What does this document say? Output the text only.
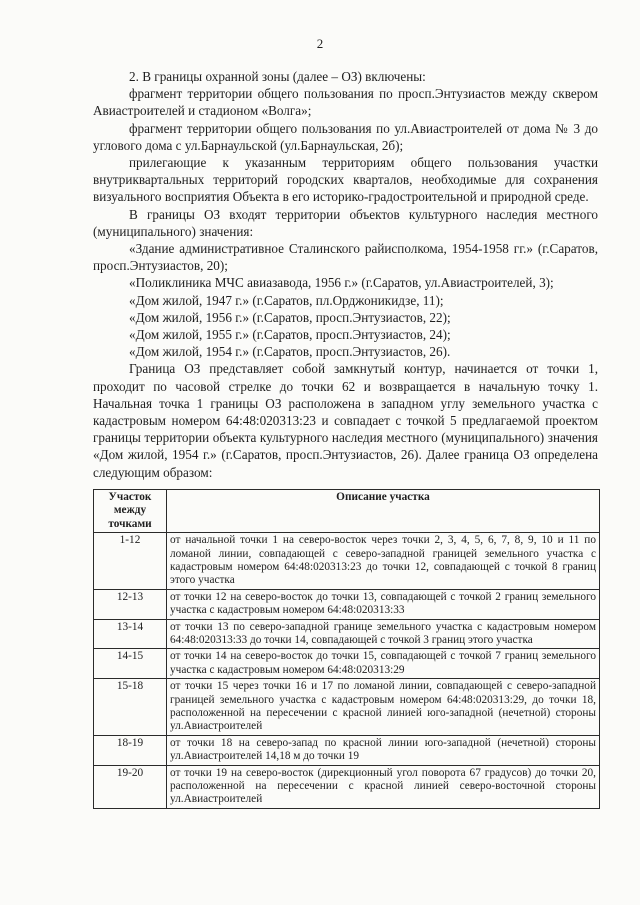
2

2. В границы охранной зоны (далее – ОЗ) включены:

фрагмент территории общего пользования по просп.Энтузиастов между сквером Авиастроителей и стадионом «Волга»;

фрагмент территории общего пользования по ул.Авиастроителей от дома № 3 до углового дома с ул.Барнаульской (ул.Барнаульская, 2б);

прилегающие к указанным территориям общего пользования участки внутриквартальных территорий городских кварталов, необходимые для сохранения визуального восприятия Объекта в его историко-градостроительной и природной среде.

В границы ОЗ входят территории объектов культурного наследия местного (муниципального) значения:

«Здание административное Сталинского райисполкома, 1954-1958 гг.» (г.Саратов, просп.Энтузиастов, 20);

«Поликлиника МЧС авиазавода, 1956 г.» (г.Саратов, ул.Авиастроителей, 3);

«Дом жилой, 1947 г.» (г.Саратов, пл.Орджоникидзе, 11);

«Дом жилой, 1956 г.» (г.Саратов, просп.Энтузиастов, 22);

«Дом жилой, 1955 г.» (г.Саратов, просп.Энтузиастов, 24);

«Дом жилой, 1954 г.» (г.Саратов, просп.Энтузиастов, 26).

Граница ОЗ представляет собой замкнутый контур, начинается от точки 1, проходит по часовой стрелке до точки 62 и возвращается в начальную точку 1. Начальная точка 1 границы ОЗ расположена в западном углу земельного участка с кадастровым номером 64:48:020313:23 и совпадает с точкой 5 предлагаемой проектом границы территории объекта культурного наследия местного (муниципального) значения «Дом жилой, 1954 г.» (г.Саратов, просп.Энтузиастов, 26). Далее граница ОЗ определена следующим образом:

Участок между точками	Описание участка
1-12	от начальной точки 1 на северо-восток через точки 2, 3, 4, 5, 6, 7, 8, 9, 10 и 11 по ломаной линии, совпадающей с северо-западной границей земельного участка с кадастровым номером 64:48:020313:23 до точки 12, совпадающей с точкой 8 границ этого участка
12-13	от точки 12 на северо-восток до точки 13, совпадающей с точкой 2 границ земельного участка с кадастровым номером 64:48:020313:33
13-14	от точки 13 по северо-западной границе земельного участка с кадастровым номером 64:48:020313:33 до точки 14, совпадающей с точкой 3 границ этого участка
14-15	от точки 14 на северо-восток до точки 15, совпадающей с точкой 7 границ земельного участка с кадастровым номером 64:48:020313:29
15-18	от точки 15 через точки 16 и 17 по ломаной линии, совпадающей с северо-западной границей земельного участка с кадастровым номером 64:48:020313:29, до точки 18, расположенной на пересечении с красной линией юго-западной (нечетной) стороны ул.Авиастроителей
18-19	от точки 18 на северо-запад по красной линии юго-западной (нечетной) стороны ул.Авиастроителей 14,18 м до точки 19
19-20	от точки 19 на северо-восток (дирекционный угол поворота 67 градусов) до точки 20, расположенной на пересечении с красной линией северо-восточной стороны ул.Авиастроителей
